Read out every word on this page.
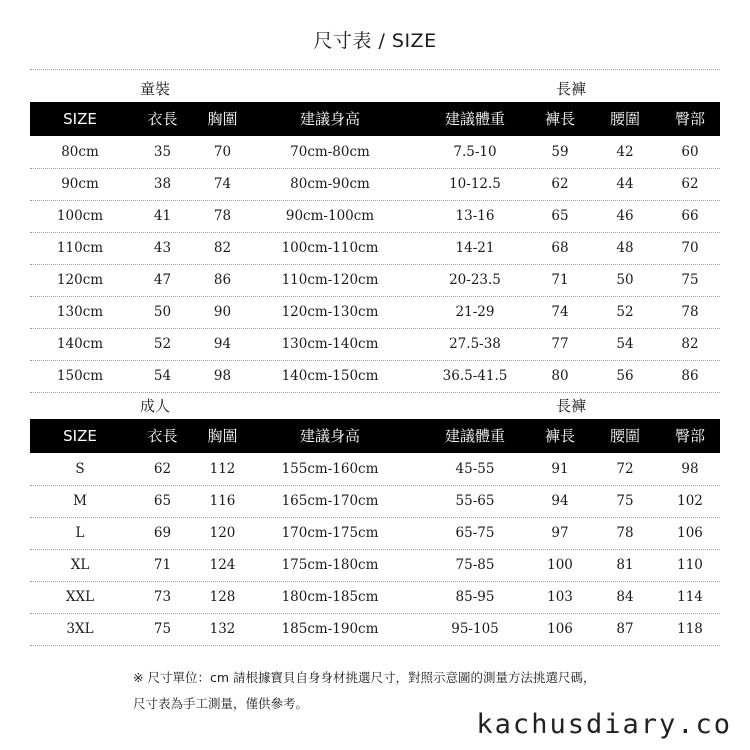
尺寸表 / SIZE
童裝	長褲
SIZE	衣長	胸圍	建議身高	建議體重	褲長	腰圍	臀部
80cm	35	70	70cm-80cm	7.5-10	59	42	60
90cm	38	74	80cm-90cm	10-12.5	62	44	62
100cm	41	78	90cm-100cm	13-16	65	46	66
110cm	43	82	100cm-110cm	14-21	68	48	70
120cm	47	86	110cm-120cm	20-23.5	71	50	75
130cm	50	90	120cm-130cm	21-29	74	52	78
140cm	52	94	130cm-140cm	27.5-38	77	54	82
150cm	54	98	140cm-150cm	36.5-41.5	80	56	86
成人	長褲
SIZE	衣長	胸圍	建議身高	建議體重	褲長	腰圍	臀部
S	62	112	155cm-160cm	45-55	91	72	98
M	65	116	165cm-170cm	55-65	94	75	102
L	69	120	170cm-175cm	65-75	97	78	106
XL	71	124	175cm-180cm	75-85	100	81	110
XXL	73	128	180cm-185cm	85-95	103	84	114
3XL	75	132	185cm-190cm	95-105	106	87	118
※ 尺寸單位：cm 請根據寶貝自身身材挑選尺寸，對照示意圖的測量方法挑選尺碼，
尺寸表為手工測量，僅供參考。
kachusdiary.co
